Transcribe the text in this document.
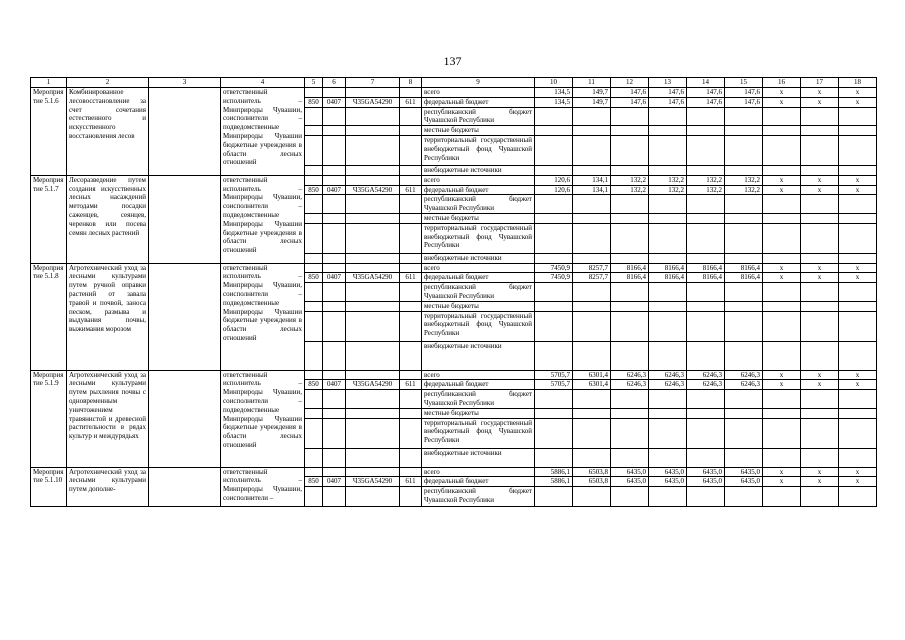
137
1	2	3	4	5	6	7	8	9	10	11	12	13	14	15	16	17	18
Мероприятие 5.1.6	Комбинированное лесовосстановление за счет сочетания естественного и искусственного восстановления лесов		ответственный исполнитель – Минприроды Чувашии, соисполнители – подведомственные Минприроды Чувашии бюджетные учреждения в области лесных отношений					всего	134,5	149,7	147,6	147,6	147,6	147,6	x	x	x
				850	0407	Ч35GA54290	611	федеральный бюджет	134,5	149,7	147,6	147,6	147,6	147,6	x	x	x
								республиканский бюджет Чувашской Республики									
								местные бюджеты									
								территориальный государственный внебюджетный фонд Чувашской Республики									
								внебюджетные источники									
Мероприятие 5.1.7	Лесоразведение путем создания искусственных лесных насаждений методами посадки саженцев, сеянцев, черенков или посева семян лесных растений		ответственный исполнитель – Минприроды Чувашии, соисполнители – подведомственные Минприроды Чувашии бюджетные учреждения в области лесных отношений					всего	120,6	134,1	132,2	132,2	132,2	132,2	x	x	x
				850	0407	Ч35GA54290	611	федеральный бюджет	120,6	134,1	132,2	132,2	132,2	132,2	x	x	x
								республиканский бюджет Чувашской Республики									
								местные бюджеты									
								территориальный государственный внебюджетный фонд Чувашской Республики									
								внебюджетные источники									
Мероприятие 5.1.8	Агротехнический уход за лесными культурами путем ручной оправки растений от завала травой и почвой, заноса песком, размыва и выдувания почвы, выжимания морозом		ответственный исполнитель – Минприроды Чувашии, соисполнители – подведомственные Минприроды Чувашии бюджетные учреждения в области лесных отношений					всего	7450,9	8257,7	8166,4	8166,4	8166,4	8166,4	x	x	x
				850	0407	Ч35GA54290	611	федеральный бюджет	7450,9	8257,7	8166,4	8166,4	8166,4	8166,4	x	x	x
								республиканский бюджет Чувашской Республики									
								местные бюджеты									
								территориальный государственный внебюджетный фонд Чувашской Республики									
								внебюджетные источники									
Мероприятие 5.1.9	Агротехнический уход за лесными культурами путем рыхления почвы с одновременным уничтожением травянистой и древесной растительности в рядах культур и междурядьях		ответственный исполнитель – Минприроды Чувашии, соисполнители – подведомственные Минприроды Чувашии бюджетные учреждения в области лесных отношений					всего	5705,7	6301,4	6246,3	6246,3	6246,3	6246,3	x	x	x
				850	0407	Ч35GA54290	611	федеральный бюджет	5705,7	6301,4	6246,3	6246,3	6246,3	6246,3	x	x	x
								республиканский бюджет Чувашской Республики									
								местные бюджеты									
								территориальный государственный внебюджетный фонд Чувашской Республики									
								внебюджетные источники									
Мероприятие 5.1.10	Агротехнический уход за лесными культурами путем дополне-		ответственный исполнитель – Минприроды Чувашии, соисполнители –					всего	5886,1	6503,8	6435,0	6435,0	6435,0	6435,0	x	x	x
				850	0407	Ч35GA54290	611	федеральный бюджет	5886,1	6503,8	6435,0	6435,0	6435,0	6435,0	x	x	x
								республиканский бюджет Чувашской Республики									
